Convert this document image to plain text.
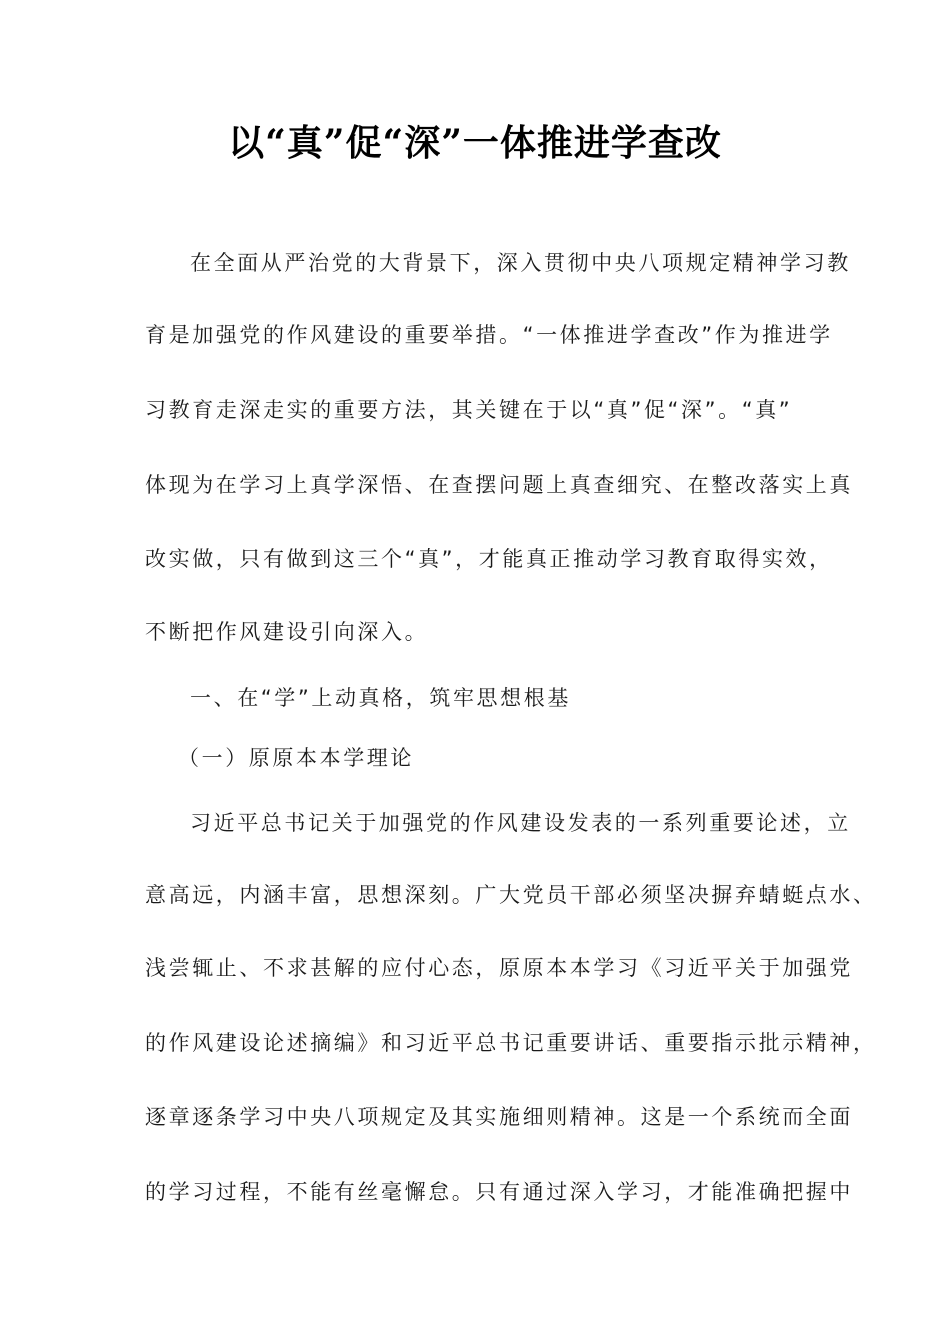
以“真”促“深”一体推进学查改
在全面从严治党的大背景下，深入贯彻中央八项规定精神学习教
育是加强党的作风建设的重要举措。“一体推进学查改”作为推进学
习教育走深走实的重要方法，其关键在于以“真”促“深”。“真”
体现为在学习上真学深悟、在查摆问题上真查细究、在整改落实上真
改实做，只有做到这三个“真”，才能真正推动学习教育取得实效，
不断把作风建设引向深入。
一、在“学”上动真格，筑牢思想根基
（一）原原本本学理论
习近平总书记关于加强党的作风建设发表的一系列重要论述，立
意高远，内涵丰富，思想深刻。广大党员干部必须坚决摒弃蜻蜓点水、
浅尝辄止、不求甚解的应付心态，原原本本学习《习近平关于加强党
的作风建设论述摘编》和习近平总书记重要讲话、重要指示批示精神，
逐章逐条学习中央八项规定及其实施细则精神。这是一个系统而全面
的学习过程，不能有丝毫懈怠。只有通过深入学习，才能准确把握中
